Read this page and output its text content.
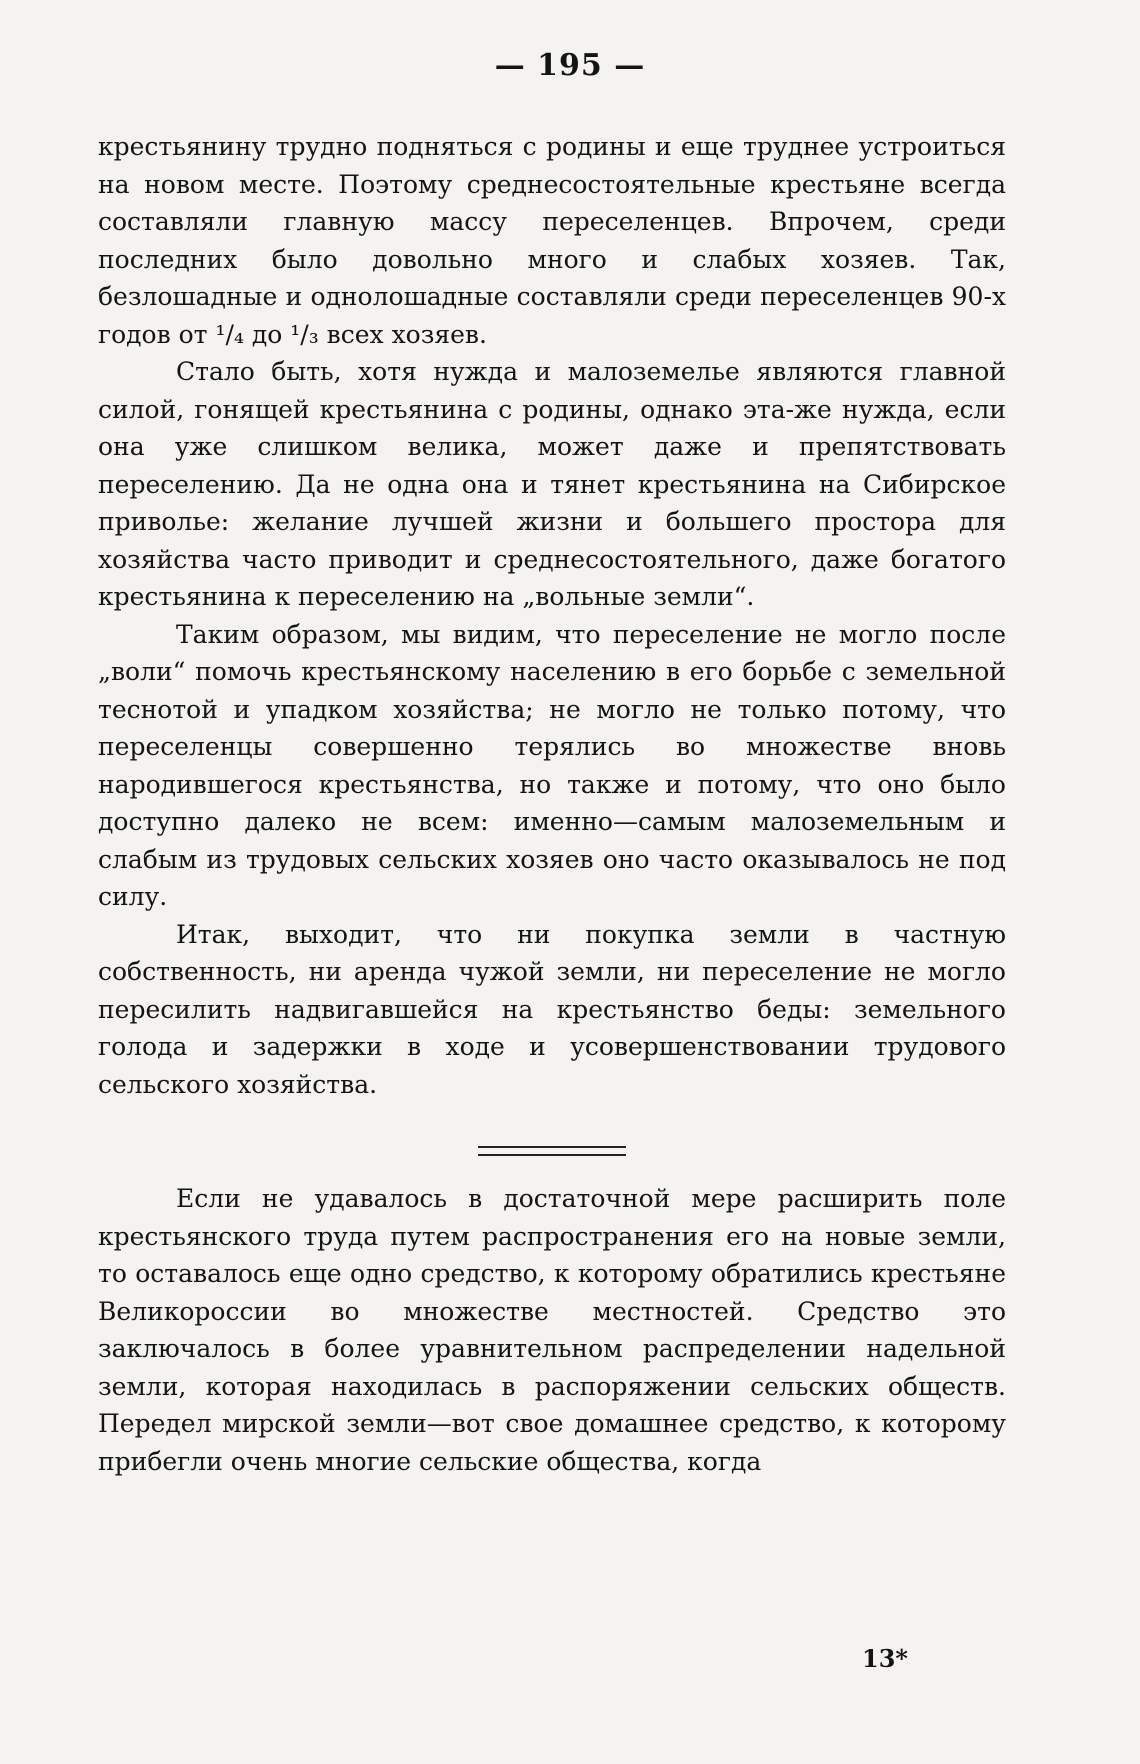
— 195 —

крестьянину трудно подняться с родины и еще труднее устроиться на новом месте. Поэтому среднесостоятельные крестьяне всегда составляли главную массу переселенцев. Впрочем, среди последних было довольно много и слабых хозяев. Так, безлошадные и однолошадные составляли среди переселенцев 90-х годов от ¹/₄ до ¹/₃ всех хозяев.

Стало быть, хотя нужда и малоземелье являются главной силой, гонящей крестьянина с родины, однако эта-же нужда, если она уже слишком велика, может даже и препятствовать переселению. Да не одна она и тянет крестьянина на Сибирское приволье: желание лучшей жизни и большего простора для хозяйства часто приводит и среднесостоятельного, даже богатого крестьянина к переселению на „вольные земли“.

Таким образом, мы видим, что переселение не могло после „воли“ помочь крестьянскому населению в его борьбе с земельной теснотой и упадком хозяйства; не могло не только потому, что переселенцы совершенно терялись во множестве вновь народившегося крестьянства, но также и потому, что оно было доступно далеко не всем: именно—самым малоземельным и слабым из трудовых сельских хозяев оно часто оказывалось не под силу.

Итак, выходит, что ни покупка земли в частную собственность, ни аренда чужой земли, ни переселение не могло пересилить надвигавшейся на крестьянство беды: земельного голода и задержки в ходе и усовершенствовании трудового сельского хозяйства.

Если не удавалось в достаточной мере расширить поле крестьянского труда путем распространения его на новые земли, то оставалось еще одно средство, к которому обратились крестьяне Великороссии во множестве местностей. Средство это заключалось в более уравнительном распределении надельной земли, которая находилась в распоряжении сельских обществ. Передел мирской земли—вот свое домашнее средство, к которому прибегли очень многие сельские общества, когда

13*
